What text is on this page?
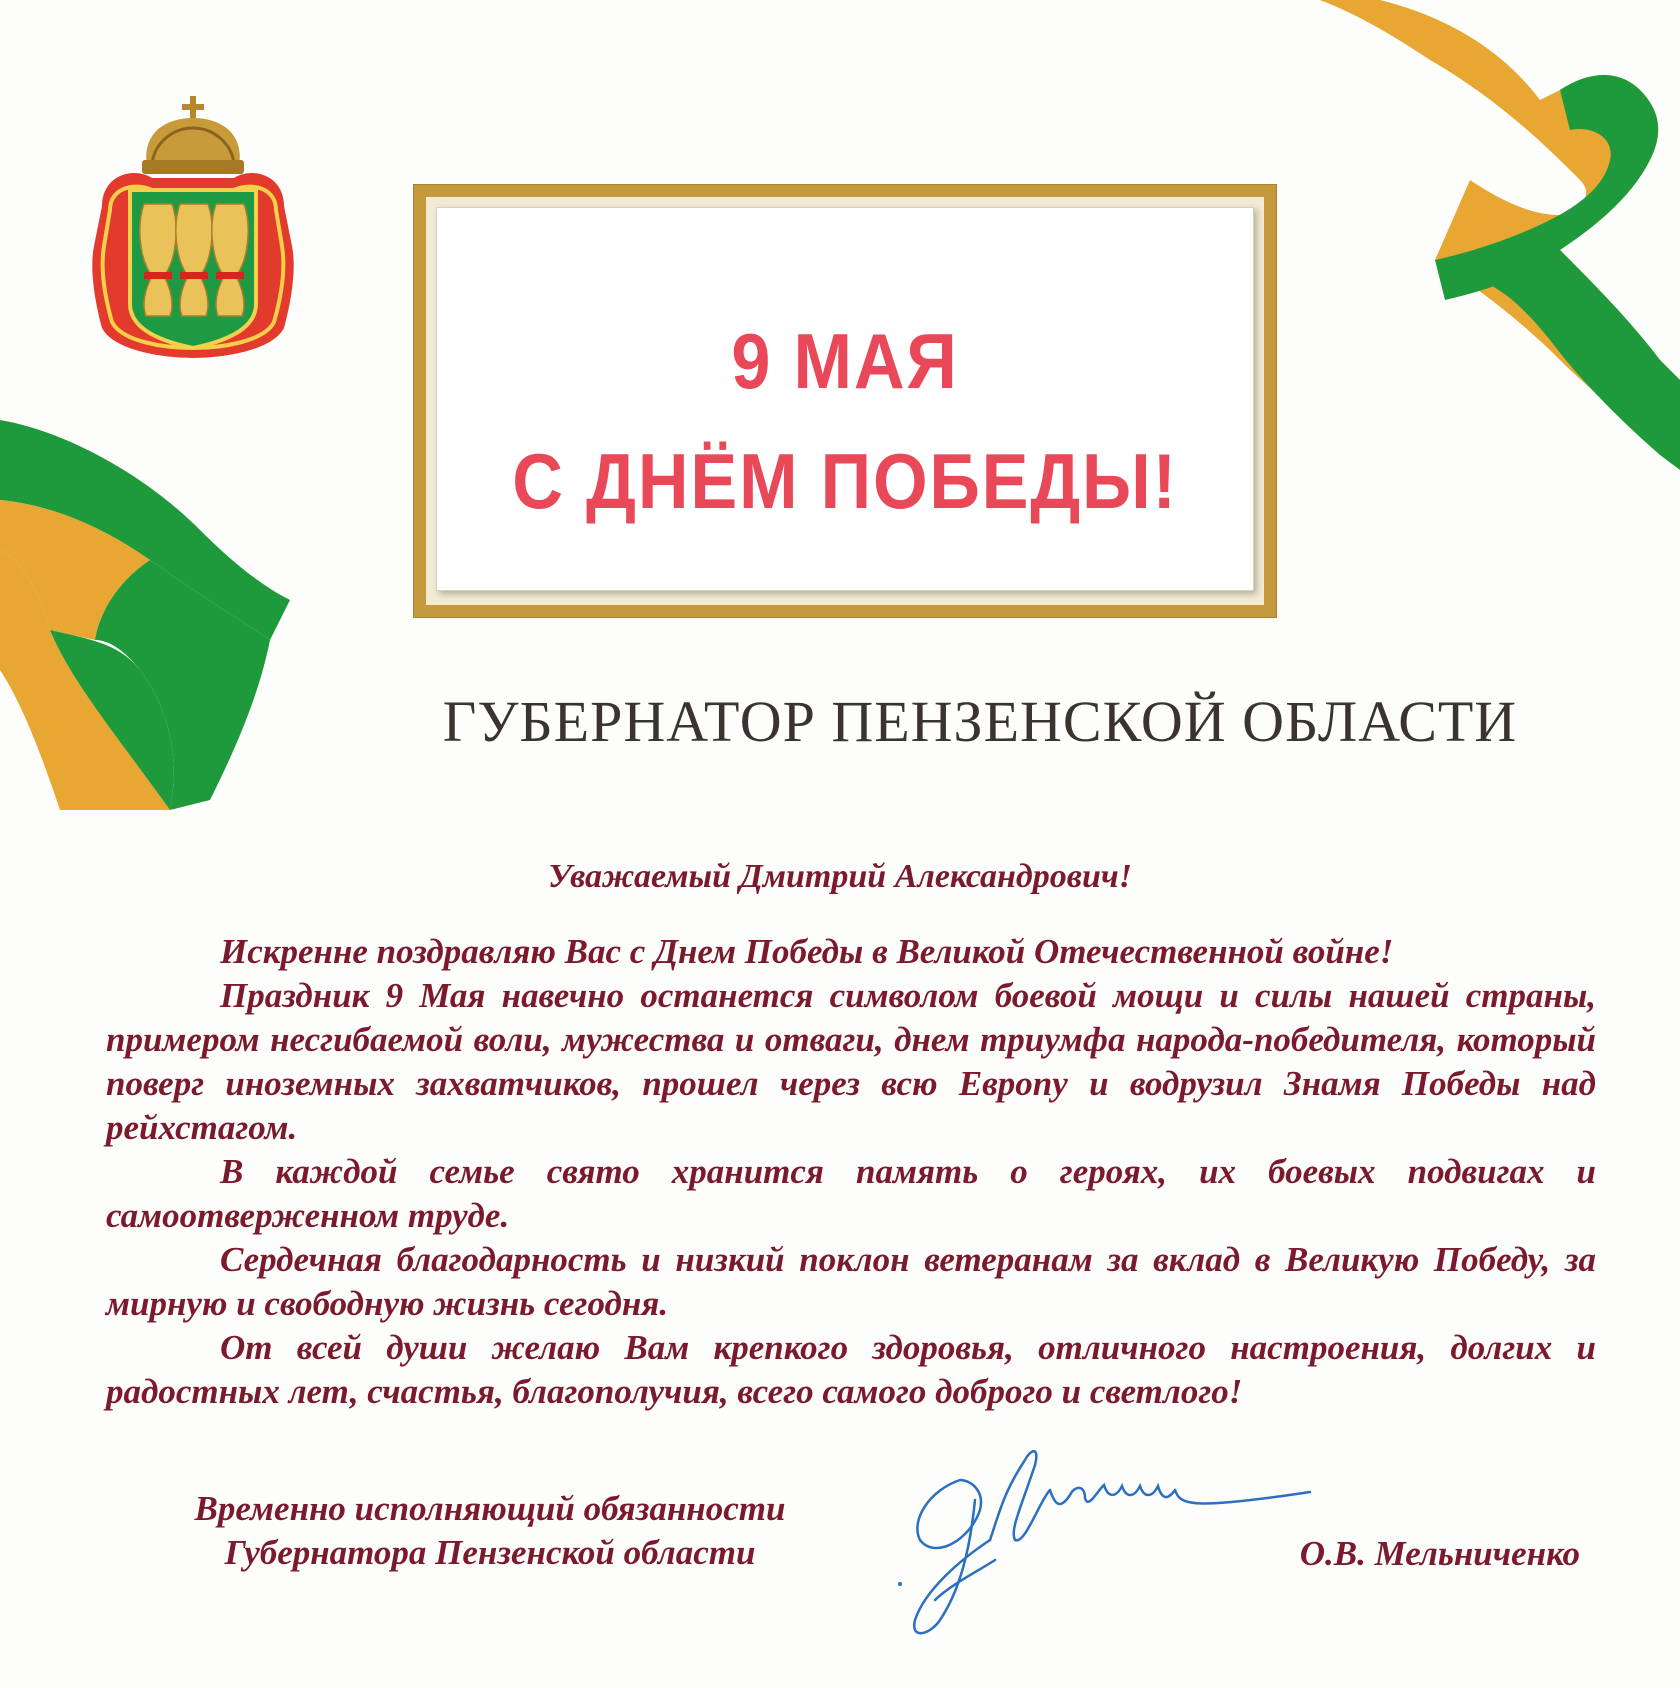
9 МАЯ
С ДНЁМ ПОБЕДЫ!
ГУБЕРНАТОР ПЕНЗЕНСКОЙ ОБЛАСТИ
Уважаемый Дмитрий Александрович!

Искренне поздравляю Вас с Днем Победы в Великой Отечественной войне!

Праздник 9 Мая навечно останется символом боевой мощи и силы нашей страны, примером несгибаемой воли, мужества и отваги, днем триумфа народа-победителя, который поверг иноземных захватчиков, прошел через всю Европу и водрузил Знамя Победы над рейхстагом.

В каждой семье свято хранится память о героях, их боевых подвигах и самоотверженном труде.

Сердечная благодарность и низкий поклон ветеранам за вклад в Великую Победу, за мирную и свободную жизнь сегодня.

От всей души желаю Вам крепкого здоровья, отличного настроения, долгих и радостных лет, счастья, благополучия, всего самого доброго и светлого!

Временно исполняющий обязанности
Губернатора Пензенской области	О.В. Мельниченко
